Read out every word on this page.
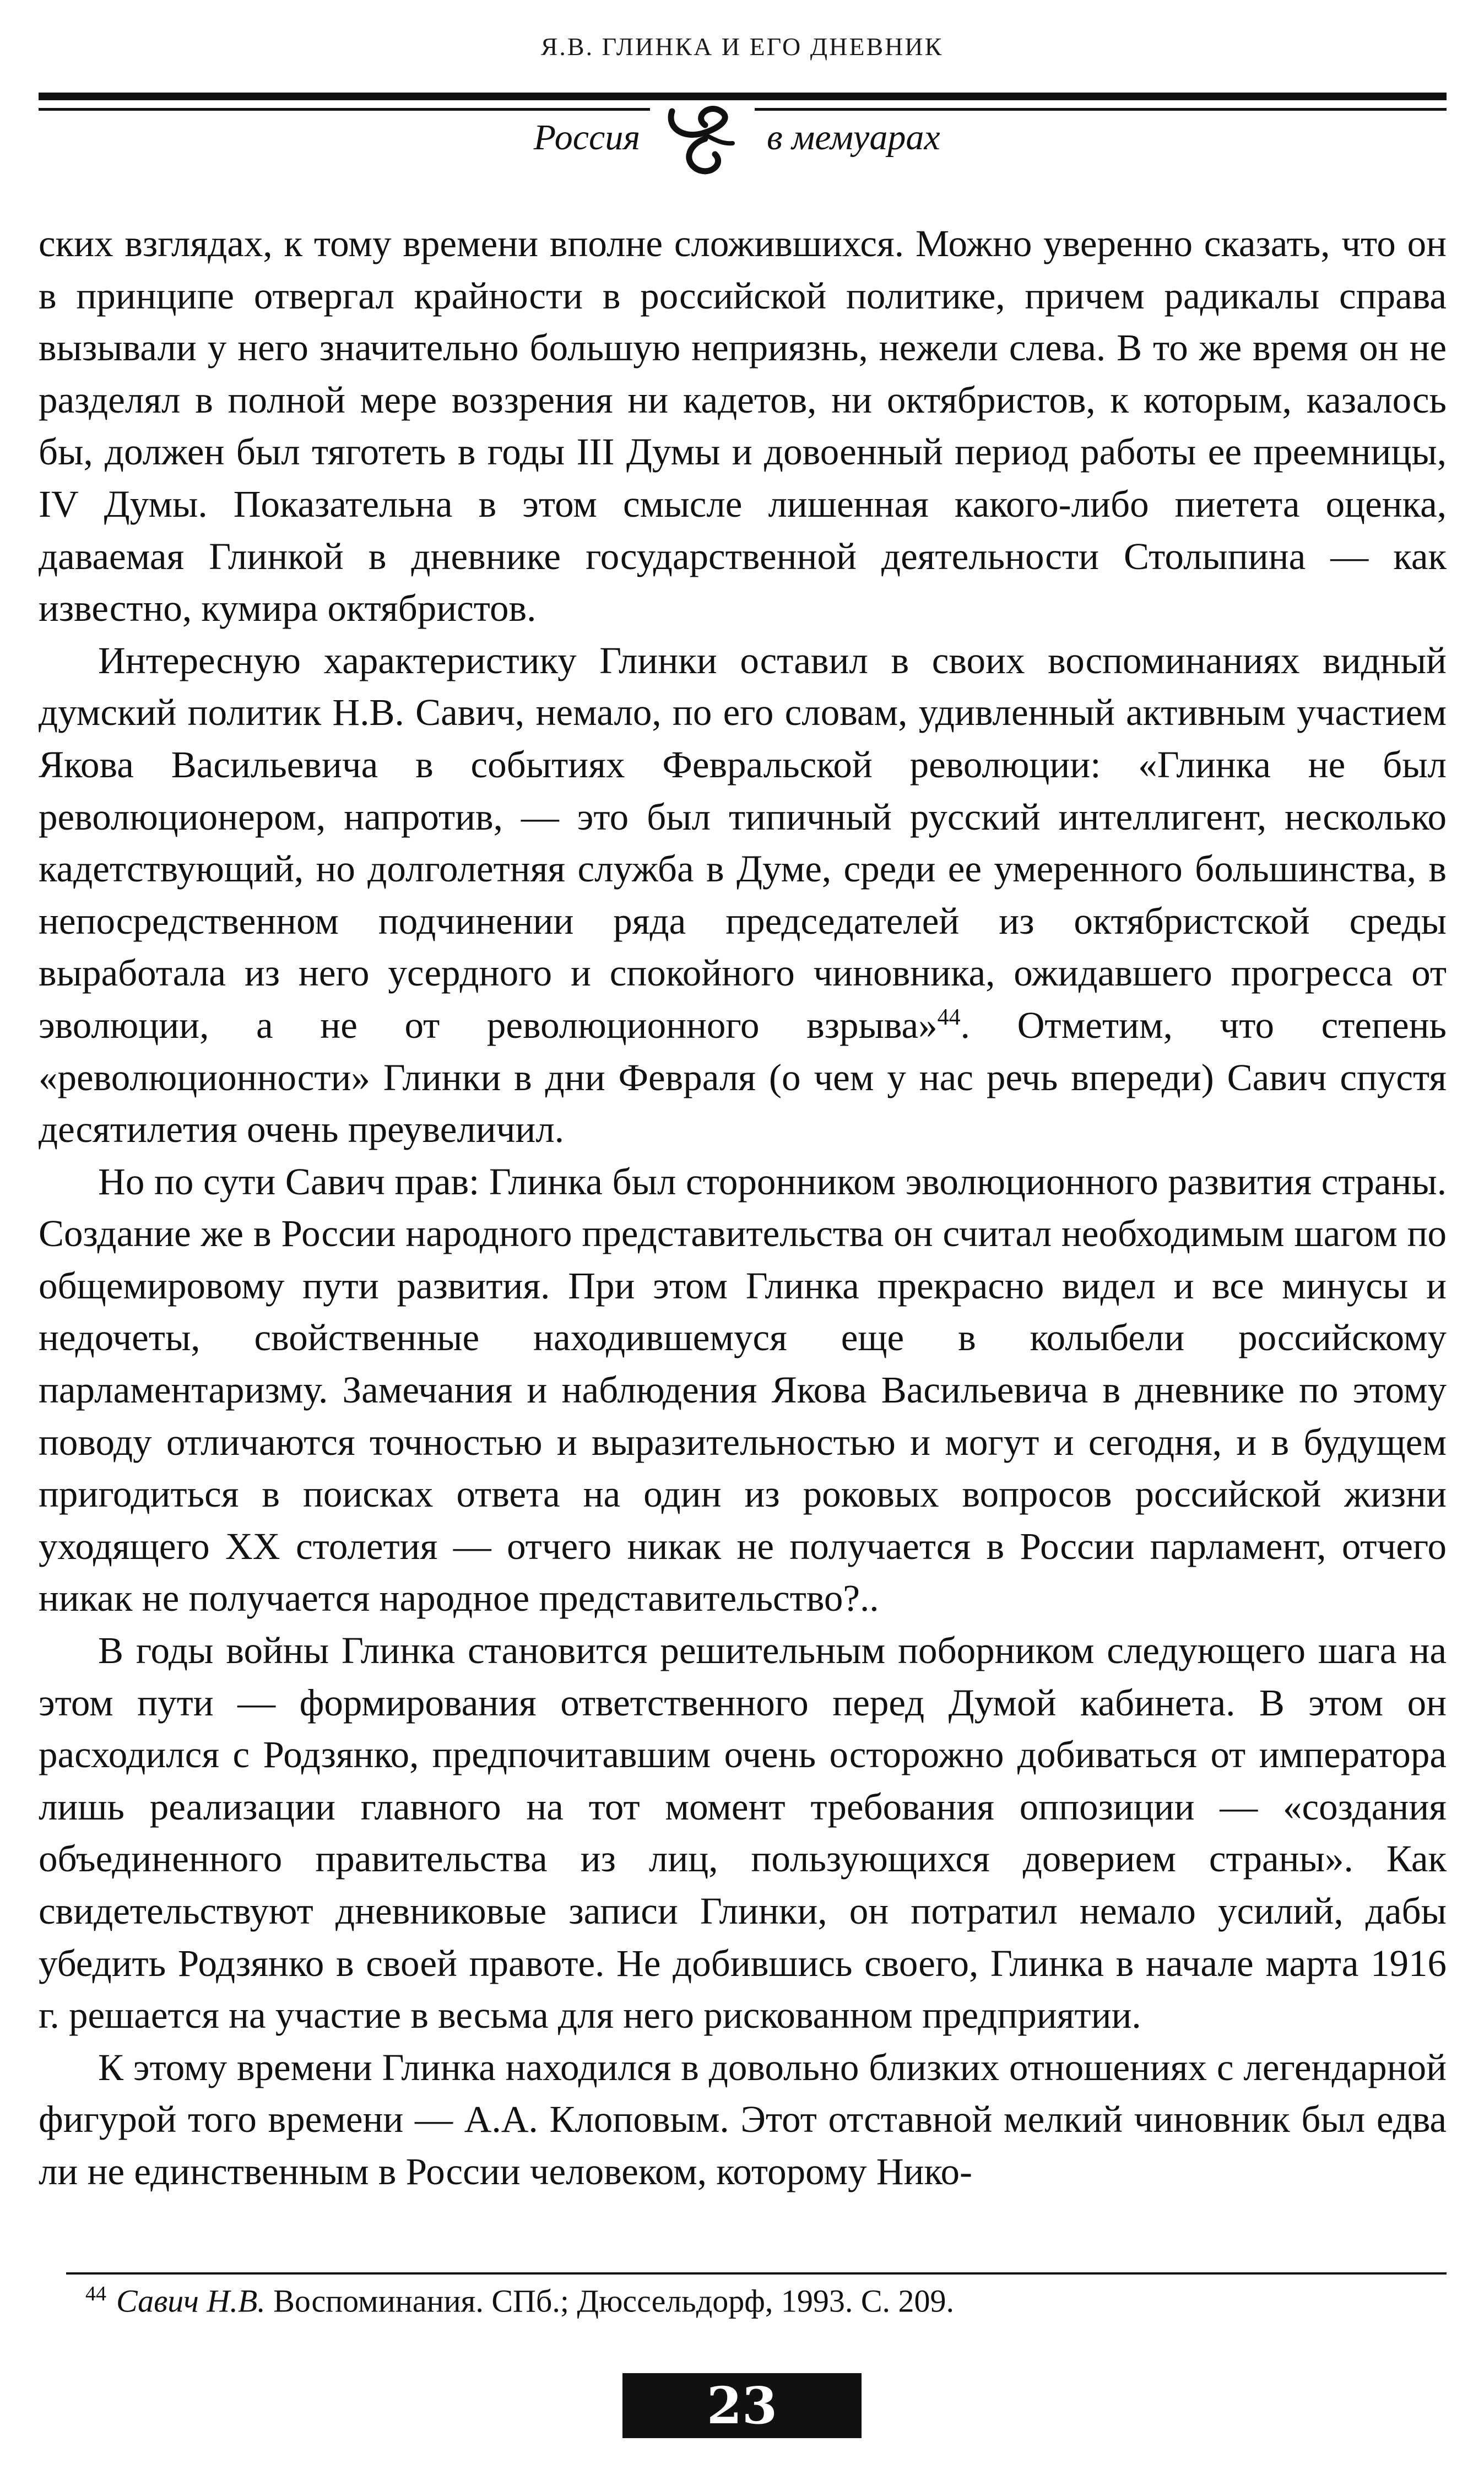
Я.В. ГЛИНКА И ЕГО ДНЕВНИК
Россия	в мемуарах

ских взглядах, к тому времени вполне сложившихся. Можно уверенно сказать, что он в принципе отвергал крайности в российской политике, причем радикалы справа вызывали у него значительно большую неприязнь, нежели слева. В то же время он не разделял в полной мере воззрения ни кадетов, ни октябристов, к которым, казалось бы, должен был тяготеть в годы III Думы и довоенный период работы ее преемницы, IV Думы. Показательна в этом смысле лишенная какого-либо пиетета оценка, даваемая Глинкой в дневнике государственной деятельности Столыпина — как известно, кумира октябристов.

Интересную характеристику Глинки оставил в своих воспоминаниях видный думский политик Н.В. Савич, немало, по его словам, удивленный активным участием Якова Васильевича в событиях Февральской революции: «Глинка не был революционером, напротив, — это был типичный русский интеллигент, несколько кадетствующий, но долголетняя служба в Думе, среди ее умеренного большинства, в непосредственном подчинении ряда председателей из октябристской среды выработала из него усердного и спокойного чиновника, ожидавшего прогресса от эволюции, а не от революционного взрыва»$^{44}$. Отметим, что степень «революционности» Глинки в дни Февраля (о чем у нас речь впереди) Савич спустя десятилетия очень преувеличил.

Но по сути Савич прав: Глинка был сторонником эволюционного развития страны. Создание же в России народного представительства он считал необходимым шагом по общемировому пути развития. При этом Глинка прекрасно видел и все минусы и недочеты, свойственные находившемуся еще в колыбели российскому парламентаризму. Замечания и наблюдения Якова Васильевича в дневнике по этому поводу отличаются точностью и выразительностью и могут и сегодня, и в будущем пригодиться в поисках ответа на один из роковых вопросов российской жизни уходящего XX столетия — отчего никак не получается в России парламент, отчего никак не получается народное представительство?..

В годы войны Глинка становится решительным поборником следующего шага на этом пути — формирования ответственного перед Думой кабинета. В этом он расходился с Родзянко, предпочитавшим очень осторожно добиваться от императора лишь реализации главного на тот момент требования оппозиции — «создания объединенного правительства из лиц, пользующихся доверием страны». Как свидетельствуют дневниковые записи Глинки, он потратил немало усилий, дабы убедить Родзянко в своей правоте. Не добившись своего, Глинка в начале марта 1916 г. решается на участие в весьма для него рискованном предприятии.

К этому времени Глинка находился в довольно близких отношениях с легендарной фигурой того времени — А.А. Клоповым. Этот отставной мелкий чиновник был едва ли не единственным в России человеком, которому Нико-

$^{44}$ Савич Н.В. Воспоминания. СПб.; Дюссельдорф, 1993. С. 209.
23
